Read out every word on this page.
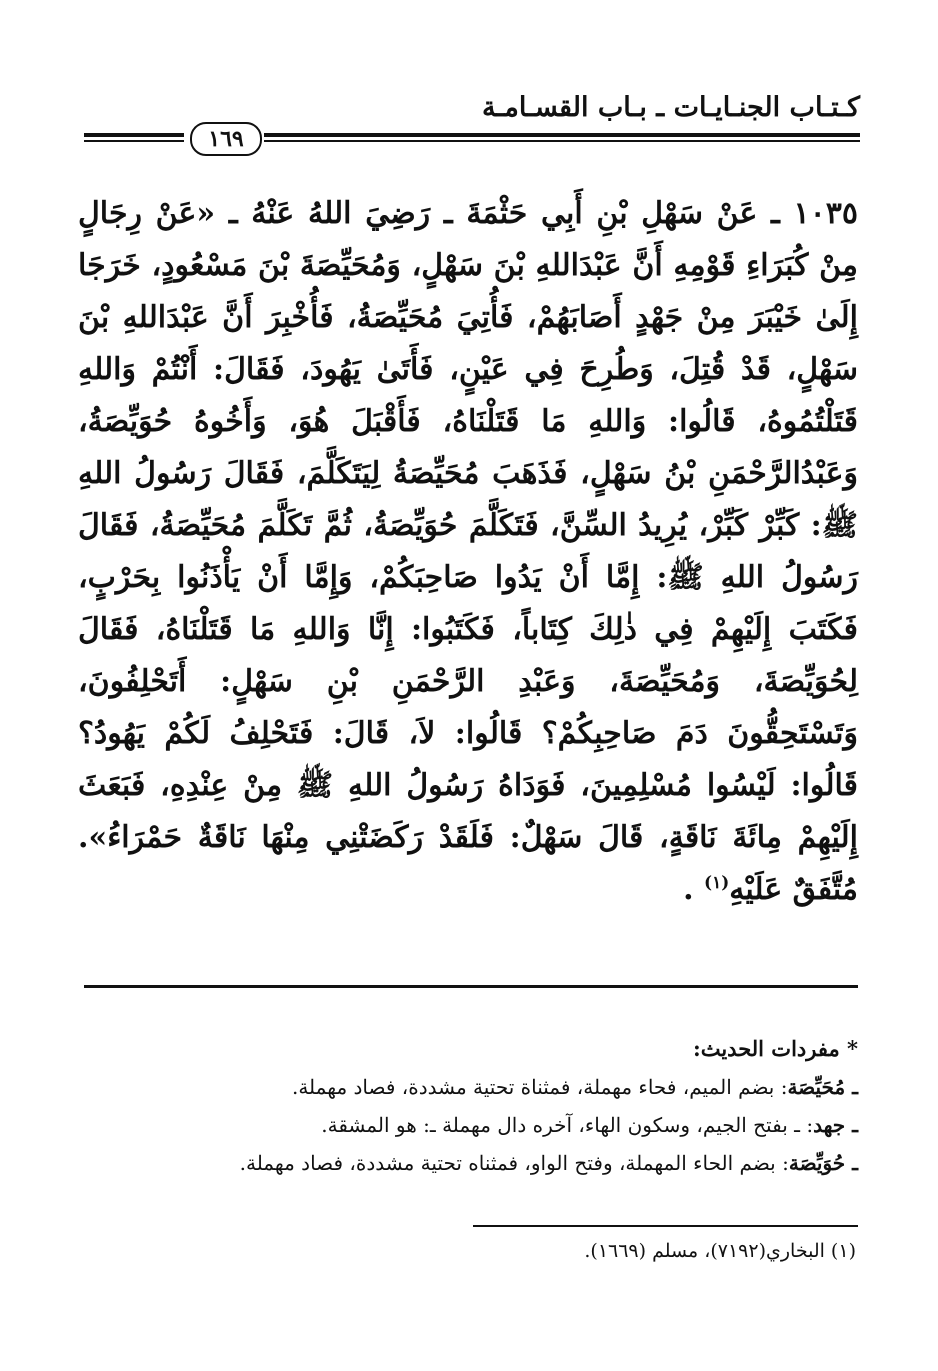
كـتـاب الجنـايـات ـ بـاب القسـامـة
١٦٩
١٠٣٥ ـ عَنْ سَهْلِ بْنِ أَبِي حَثْمَةَ ـ رَضِيَ اللهُ عَنْهُ ـ «عَنْ رِجَالٍ مِنْ كُبَرَاءِ قَوْمِهِ أَنَّ عَبْدَاللهِ بْنَ سَهْلٍ، وَمُحَيِّصَةَ بْنَ مَسْعُودٍ، خَرَجَا إِلَىٰ خَيْبَرَ مِنْ جَهْدٍ أَصَابَهُمْ، فَأُتِيَ مُحَيِّصَةُ، فَأُخْبِرَ أَنَّ عَبْدَاللهِ بْنَ سَهْلٍ، قَدْ قُتِلَ، وَطُرِحَ فِي عَيْنٍ، فَأَتَىٰ يَهُودَ، فَقَالَ: أَنْتُمْ وَاللهِ قَتَلْتُمُوهُ، قَالُوا: وَاللهِ مَا قَتَلْنَاهُ، فَأَقْبَلَ هُوَ، وَأَخُوهُ حُوَيِّصَةُ، وَعَبْدُالرَّحْمَنِ بْنُ سَهْلٍ، فَذَهَبَ مُحَيِّصَةُ لِيَتَكَلَّمَ، فَقَالَ رَسُولُ اللهِ ﷺ: كَبِّرْ كَبِّرْ، يُرِيدُ السِّنَّ، فَتَكَلَّمَ حُوَيِّصَةُ، ثُمَّ تَكَلَّمَ مُحَيِّصَةُ، فَقَالَ رَسُولُ اللهِ ﷺ: إِمَّا أَنْ يَدُوا صَاحِبَكُمْ، وَإِمَّا أَنْ يَأْذَنُوا بِحَرْبٍ، فَكَتَبَ إِلَيْهِمْ فِي ذٰلِكَ كِتَاباً، فَكَتَبُوا: إِنَّا وَاللهِ مَا قَتَلْنَاهُ، فَقَالَ لِحُوَيِّصَةَ، وَمُحَيِّصَةَ، وَعَبْدِ الرَّحْمَنِ بْنِ سَهْلٍ: أَتَحْلِفُونَ، وَتَسْتَحِقُّونَ دَمَ صَاحِبِكُمْ؟ قَالُوا: لاَ، قَالَ: فَتَحْلِفُ لَكُمْ يَهُودُ؟ قَالُوا: لَيْسُوا مُسْلِمِينَ، فَوَدَاهُ رَسُولُ اللهِ ﷺ مِنْ عِنْدِهِ، فَبَعَثَ إِلَيْهِمْ مِائَةَ نَاقَةٍ، قَالَ سَهْلٌ: فَلَقَدْ رَكَضَتْنِي مِنْهَا نَاقَةٌ حَمْرَاءُ». مُتَّفَقٌ عَلَيْهِ$^{(١)}$ .
* مفردات الحديث:
ـ مُحَيِّصَة: بضم الميم، فحاء مهملة، فمثناة تحتية مشددة، فصاد مهملة.
ـ جهد: ـ بفتح الجيم، وسكون الهاء، آخره دال مهملة ـ: هو المشقة.
ـ حُوَيِّصَة: بضم الحاء المهملة، وفتح الواو، فمثناه تحتية مشددة، فصاد مهملة.
(١) البخاري(٧١٩٢)، مسلم (١٦٦٩).
